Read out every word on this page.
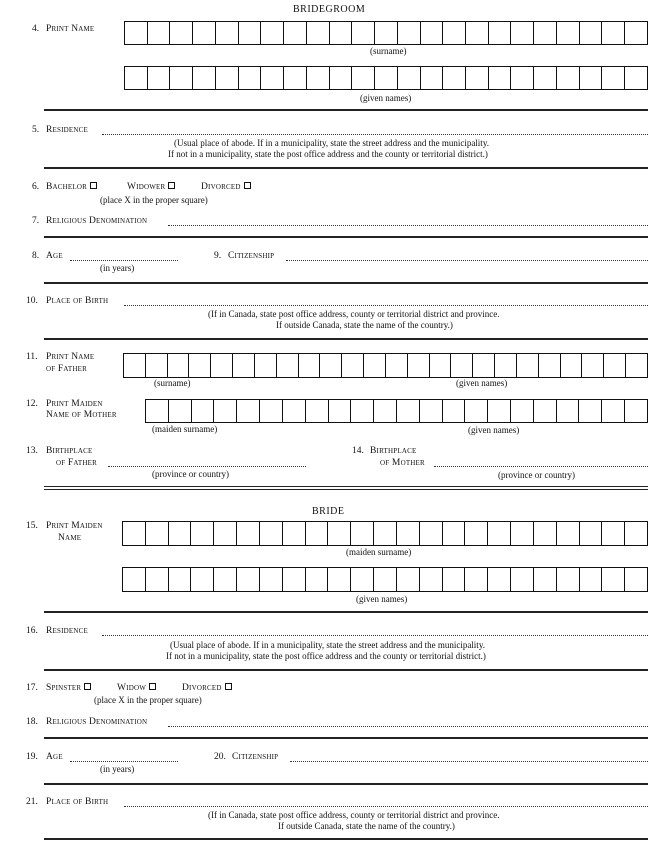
BRIDEGROOM
4. Print Name
(surname)
(given names)
5. Residence
(Usual place of abode. If in a municipality, state the street address and the municipality.
If not in a municipality, state the post office address and the county or territorial district.)
6. Bachelor	Widower	Divorced
(place X in the proper square)
7. Religious Denomination
8. Age
(in years)
9. Citizenship
10. Place of Birth
(If in Canada, state post office address, county or territorial district and province.
If outside Canada, state the name of the country.)
11. Print Name
of Father
(surname)	(given names)
12. Print Maiden
Name of Mother
(maiden surname)	(given names)
13. Birthplace
of Father
(province or country)
14. Birthplace
of Mother
(province or country)
BRIDE
15. Print Maiden
Name
(maiden surname)
(given names)
16. Residence
(Usual place of abode. If in a municipality, state the street address and the municipality.
If not in a municipality, state the post office address and the county or territorial district.)
17. Spinster	Widow	Divorced
(place X in the proper square)
18. Religious Denomination
19. Age
(in years)
20. Citizenship
21. Place of Birth
(If in Canada, state post office address, county or territorial district and province.
If outside Canada, state the name of the country.)
